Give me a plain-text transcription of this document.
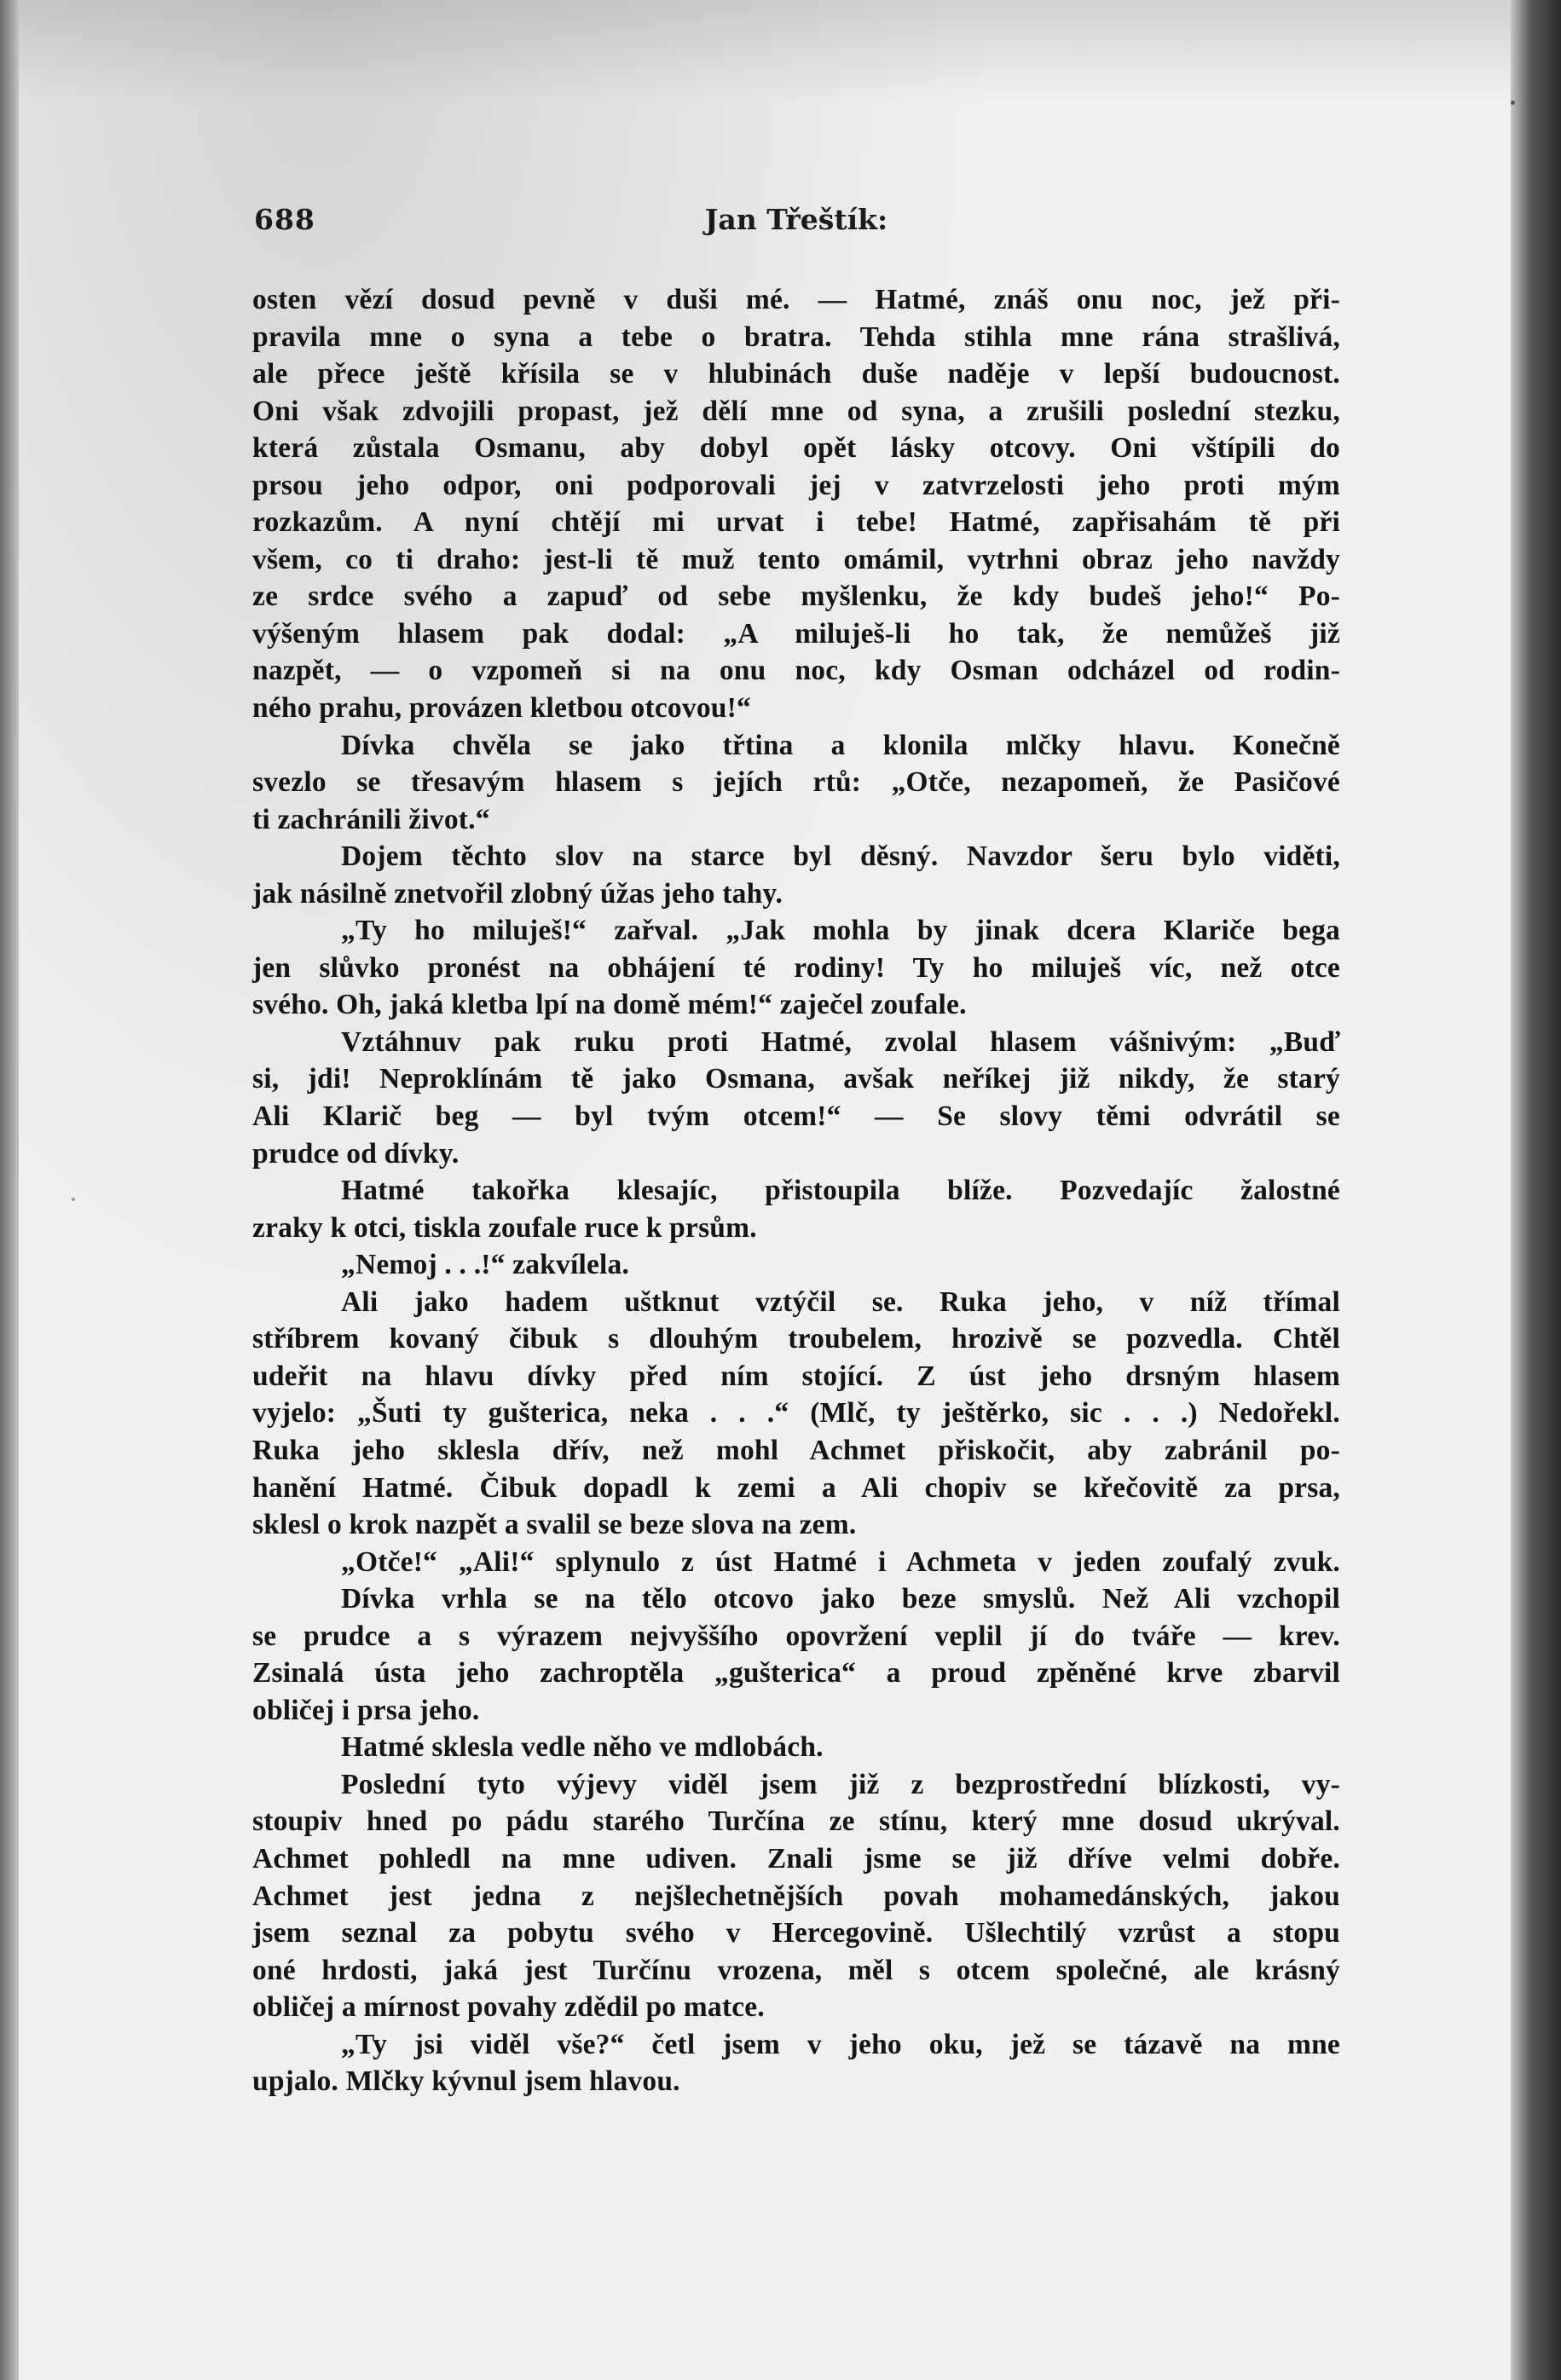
688	Jan Třeštík:
osten vězí dosud pevně v duši mé. — Hatmé, znáš onu noc, jež při-
pravila mne o syna a tebe o bratra. Tehda stihla mne rána strašlivá,
ale přece ještě křísila se v hlubinách duše naděje v lepší budoucnost.
Oni však zdvojili propast, jež dělí mne od syna, a zrušili poslední stezku,
která zůstala Osmanu, aby dobyl opět lásky otcovy. Oni vštípili do
prsou jeho odpor, oni podporovali jej v zatvrzelosti jeho proti mým
rozkazům. A nyní chtějí mi urvat i tebe! Hatmé, zapřisahám tě při
všem, co ti draho: jest-li tě muž tento omámil, vytrhni obraz jeho navždy
ze srdce svého a zapuď od sebe myšlenku, že kdy budeš jeho!“ Po-
výšeným hlasem pak dodal: „A miluješ-li ho tak, že nemůžeš již
nazpět, — o vzpomeň si na onu noc, kdy Osman odcházel od rodin-
ného prahu, provázen kletbou otcovou!“
Dívka chvěla se jako třtina a klonila mlčky hlavu. Konečně
svezlo se třesavým hlasem s jejích rtů: „Otče, nezapomeň, že Pasičové
ti zachránili život.“
Dojem těchto slov na starce byl děsný. Navzdor šeru bylo viděti,
jak násilně znetvořil zlobný úžas jeho tahy.
„Ty ho miluješ!“ zařval. „Jak mohla by jinak dcera Klariče bega
jen slůvko pronést na obhájení té rodiny! Ty ho miluješ víc, než otce
svého. Oh, jaká kletba lpí na domě mém!“ zaječel zoufale.
Vztáhnuv pak ruku proti Hatmé, zvolal hlasem vášnivým: „Buď
si, jdi! Neproklínám tě jako Osmana, avšak neříkej již nikdy, že starý
Ali Klarič beg — byl tvým otcem!“ — Se slovy těmi odvrátil se
prudce od dívky.
Hatmé takořka klesajíc, přistoupila blíže. Pozvedajíc žalostné
zraky k otci, tiskla zoufale ruce k prsům.
„Nemoj . . .!“ zakvílela.
Ali jako hadem uštknut vztýčil se. Ruka jeho, v níž třímal
stříbrem kovaný čibuk s dlouhým troubelem, hrozivě se pozvedla. Chtěl
udeřit na hlavu dívky před ním stojící. Z úst jeho drsným hlasem
vyjelo: „Šuti ty gušterica, neka . . .“ (Mlč, ty ještěrko, sic . . .) Nedořekl.
Ruka jeho sklesla dřív, než mohl Achmet přiskočit, aby zabránil po-
hanění Hatmé. Čibuk dopadl k zemi a Ali chopiv se křečovitě za prsa,
sklesl o krok nazpět a svalil se beze slova na zem.
„Otče!“ „Ali!“ splynulo z úst Hatmé i Achmeta v jeden zoufalý zvuk.
Dívka vrhla se na tělo otcovo jako beze smyslů. Než Ali vzchopil
se prudce a s výrazem nejvyššího opovržení veplil jí do tváře — krev.
Zsinalá ústa jeho zachroptěla „gušterica“ a proud zpěněné krve zbarvil
obličej i prsa jeho.
Hatmé sklesla vedle něho ve mdlobách.
Poslední tyto výjevy viděl jsem již z bezprostřední blízkosti, vy-
stoupiv hned po pádu starého Turčína ze stínu, který mne dosud ukrýval.
Achmet pohledl na mne udiven. Znali jsme se již dříve velmi dobře.
Achmet jest jedna z nejšlechetnějších povah mohamedánských, jakou
jsem seznal za pobytu svého v Hercegovině. Ušlechtilý vzrůst a stopu
oné hrdosti, jaká jest Turčínu vrozena, měl s otcem společné, ale krásný
obličej a mírnost povahy zdědil po matce.
„Ty jsi viděl vše?“ četl jsem v jeho oku, jež se tázavě na mne
upjalo. Mlčky kývnul jsem hlavou.
